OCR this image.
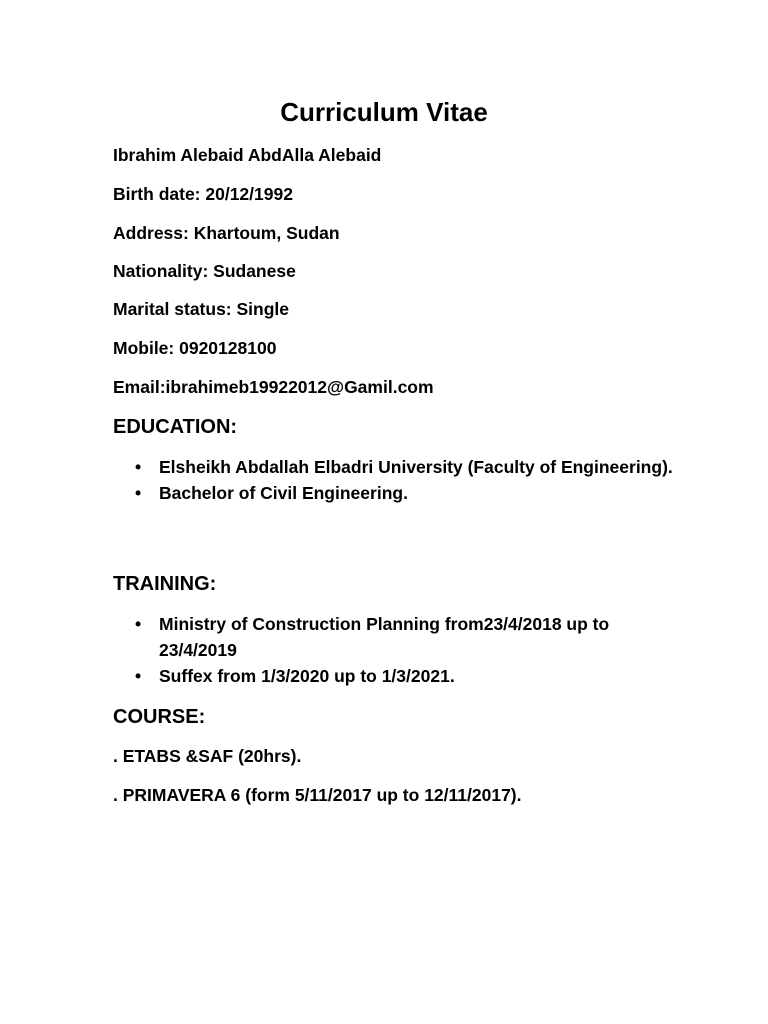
Curriculum Vitae
Ibrahim Alebaid AbdAlla Alebaid
Birth date: 20/12/1992
Address: Khartoum, Sudan
Nationality: Sudanese
Marital status: Single
Mobile: 0920128100
Email:ibrahimeb19922012@Gamil.com
EDUCATION:
• Elsheikh Abdallah Elbadri University (Faculty of Engineering).
• Bachelor of Civil Engineering.
TRAINING:
• Ministry of Construction Planning from23/4/2018 up to 23/4/2019
• Suffex from 1/3/2020 up to 1/3/2021.
COURSE:
. ETABS &SAF (20hrs).
. PRIMAVERA 6 (form 5/11/2017 up to 12/11/2017).
